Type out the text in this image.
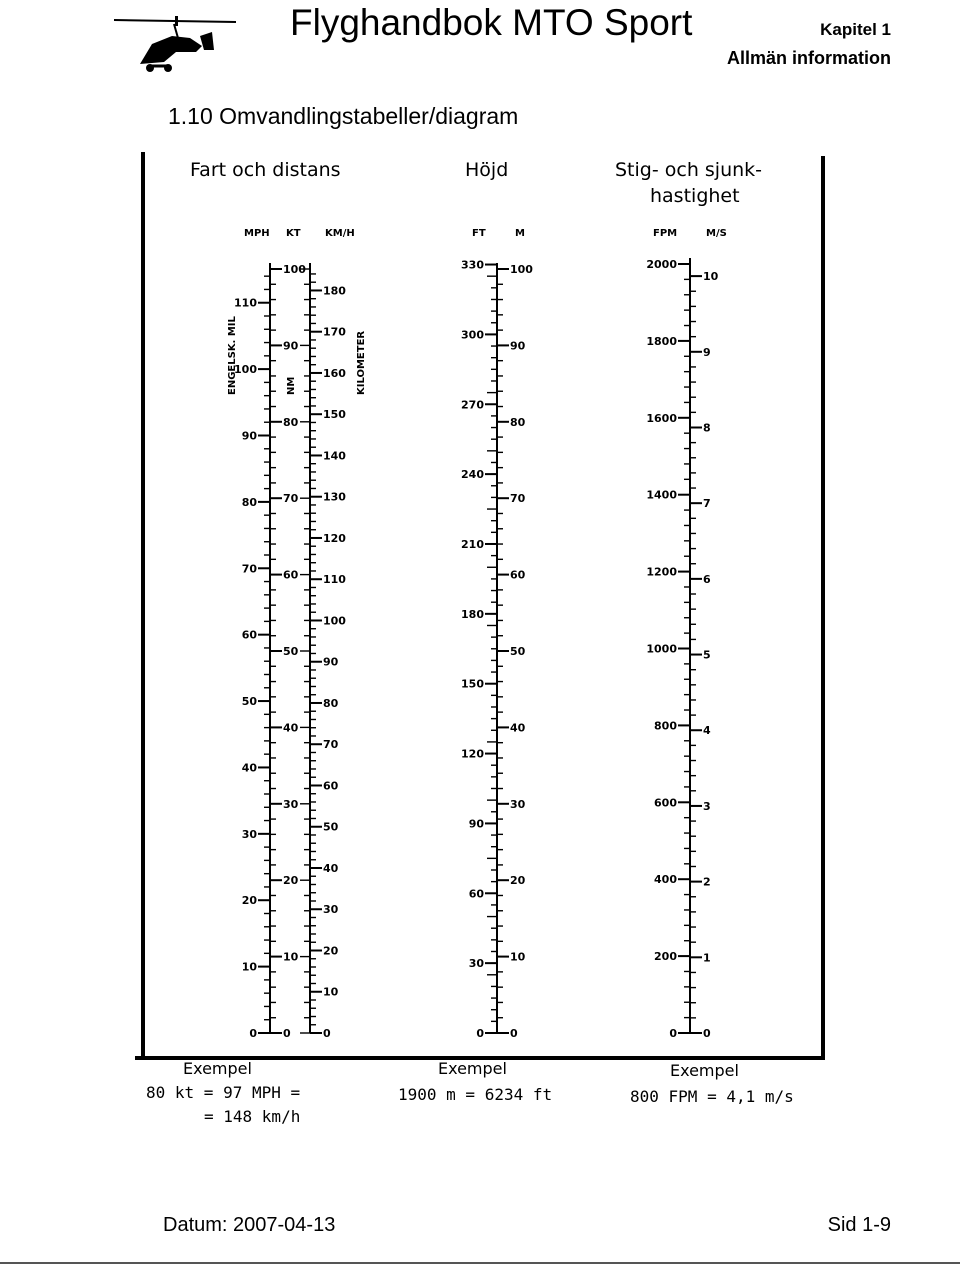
Flyghandbok MTO Sport	Kapitel 1
Allmän information
1.10 Omvandlingstabeller/diagram
Fart och distans	Höjd	Stig- och sjunk-
hastighet
MPH KT KM/H	FT	M	FPM	M/S
ENGELSK. MIL	NM	KILOMETER
0
10
20
30
40
50
60
70
80
90
100
110
0
10
20
30
40
50
60
70
80
90
100
0
10
20
30
40
50
60
70
80
90
100
110
120
130
140
150
160
170
180
0
30
60
90
120
150
180
210
240
270
300
330
0
10
20
30
40
50
60
70
80
90
100
0
200
400
600
800
1000
1200
1400
1600
1800
2000
0
1
2
3
4
5
6
7
8
9
10
Exempel
80 kt = 97 MPH =
= 148 km/h
Exempel
1900 m = 6234 ft
Exempel
800 FPM = 4,1 m/s
Datum: 2007-04-13	Sid 1-9
